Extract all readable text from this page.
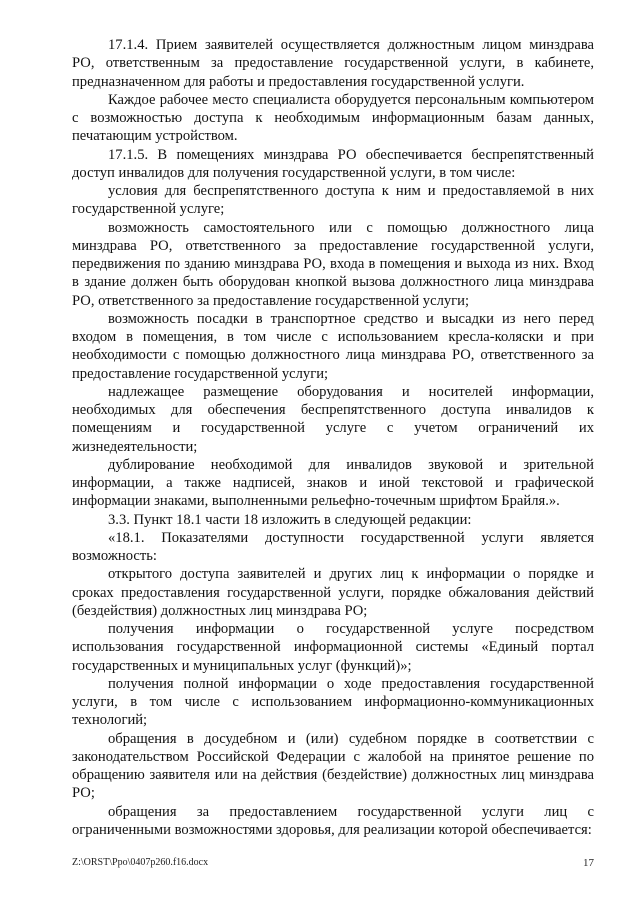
17.1.4. Прием заявителей осуществляется должностным лицом минздрава РО, ответственным за предоставление государственной услуги, в кабинете, предназначенном для работы и предоставления государственной услуги.

Каждое рабочее место специалиста оборудуется персональным компьютером с возможностью доступа к необходимым информационным базам данных, печатающим устройством.

17.1.5. В помещениях минздрава РО обеспечивается беспрепятственный доступ инвалидов для получения государственной услуги, в том числе:

условия для беспрепятственного доступа к ним и предоставляемой в них государственной услуге;

возможность самостоятельного или с помощью должностного лица минздрава РО, ответственного за предоставление государственной услуги, передвижения по зданию минздрава РО, входа в помещения и выхода из них. Вход в здание должен быть оборудован кнопкой вызова должностного лица минздрава РО, ответственного за предоставление государственной услуги;

возможность посадки в транспортное средство и высадки из него перед входом в помещения, в том числе с использованием кресла-коляски и при необходимости с помощью должностного лица минздрава РО, ответственного за предоставление государственной услуги;

надлежащее размещение оборудования и носителей информации, необходимых для обеспечения беспрепятственного доступа инвалидов к помещениям и государственной услуге с учетом ограничений их жизнедеятельности;

дублирование необходимой для инвалидов звуковой и зрительной информации, а также надписей, знаков и иной текстовой и графической информации знаками, выполненными рельефно-точечным шрифтом Брайля.».

3.3. Пункт 18.1 части 18 изложить в следующей редакции:

«18.1. Показателями доступности государственной услуги является возможность:

открытого доступа заявителей и других лиц к информации о порядке и сроках предоставления государственной услуги, порядке обжалования действий (бездействия) должностных лиц минздрава РО;

получения информации о государственной услуге посредством использования государственной информационной системы «Единый портал государственных и муниципальных услуг (функций)»;

получения полной информации о ходе предоставления государственной услуги, в том числе с использованием информационно-коммуникационных технологий;

обращения в досудебном и (или) судебном порядке в соответствии с законодательством Российской Федерации с жалобой на принятое решение по обращению заявителя или на действия (бездействие) должностных лиц минздрава РО;

обращения за предоставлением государственной услуги лиц с ограниченными возможностями здоровья, для реализации которой обеспечивается:

Z:\ORST\Ppo\0407p260.f16.docx	17
